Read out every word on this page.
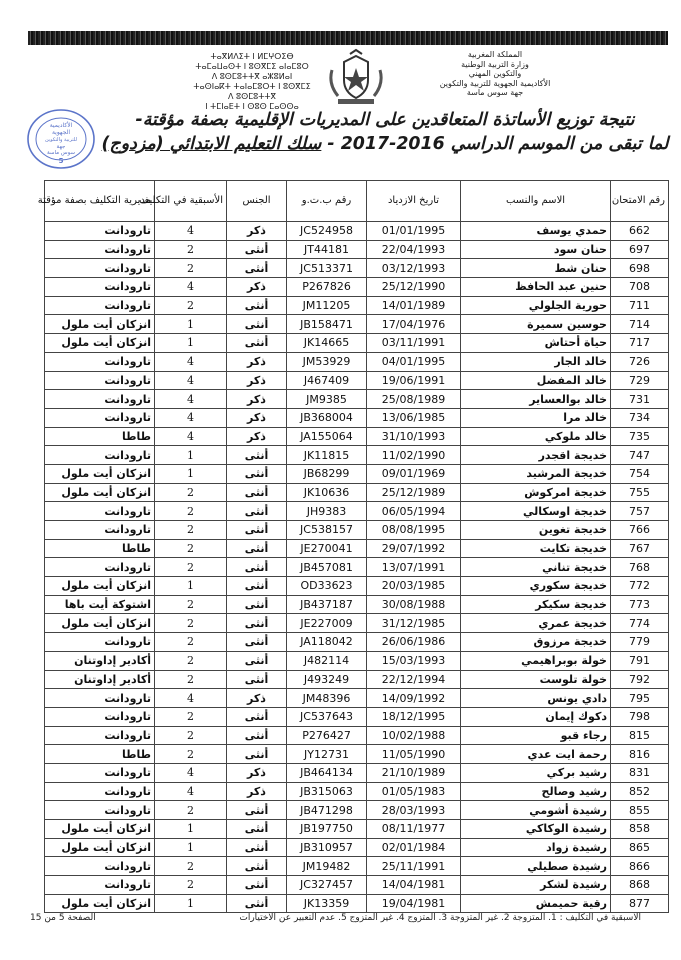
ⵜⴰⴳⵍⴷⵉⵜ ⵏ ⵍⵎⵖⵔⵉⴱ
ⵜⴰⵎⴰⵡⴰⵙⵜ ⵏ ⵓⵙⴳⵎⵉ ⴰⵏⴰⵎⵓⵔ
ⴷ ⵓⵙⵎⵓⵜⵜⴳ ⴰⵣⵓⵍⴰⵏ
ⵜⴰⵙⵏⴰⴽⵜ ⵜⴰⵏⴰⵎⵓⵔⵜ ⵏ ⵓⵙⴳⵎⵉ
ⴷ ⵓⵙⵎⵓⵜⵜⴳ
ⵏ ⵜⵎⵏⴰⴹⵜ ⵏ ⵙⵓⵙ ⵎⴰⵙⵙⴰ
المملكة المغربية
وزارة التربية الوطنية
والتكوين المهني
الأكاديمية الجهوية للتربية والتكوين
جهة سوس ماسة
الأكاديمية
الجهوية
للتربية والتكوين
جهة
سوس ماسة
5
نتيجة توزيع الأساتذة المتعاقدين على المديريات الإقليمية بصفة مؤقتة-
لما تبقى من الموسم الدراسي 2016-2017 - سلك التعليم الابتدائي (مزدوج)
رقم الامتحان	الاسم والنسب	تاريخ الازدياد	رقم ب.ت.و	الجنس	الأسبقية في التكليف	مديرية التكليف بصفة مؤقتة
662	حمدي يوسف	01/01/1995	JC524958	ذكر	4	تارودانت
697	حنان سود	22/04/1993	JT44181	أنثى	2	تارودانت
698	حنان شط	03/12/1993	JC513371	أنثى	2	تارودانت
708	حنين عبد الحافظ	25/12/1990	P267826	ذكر	4	تارودانت
711	حورية الجلولي	14/01/1989	JM11205	أنثى	2	تارودانت
714	حوسين سميرة	17/04/1976	JB158471	أنثى	1	انزكان أيت ملول
717	حياة أحتاش	03/11/1991	JK14665	أنثى	1	انزكان أيت ملول
726	خالد الجار	04/01/1995	JM53929	ذكر	4	تارودانت
729	خالد المفضل	19/06/1991	J467409	ذكر	4	تارودانت
731	خالد بوالعساير	25/08/1989	JM9385	ذكر	4	تارودانت
734	خالد مرا	13/06/1985	JB368004	ذكر	4	تارودانت
735	خالد ملوكي	31/10/1993	JA155064	ذكر	4	طاطا
747	خديجة اقجدر	11/02/1990	JK11815	أنثى	1	تارودانت
754	خديجة المرشيد	09/01/1969	JB68299	أنثى	1	انزكان أيت ملول
755	خديجة امركوش	25/12/1989	JK10636	أنثى	2	انزكان أيت ملول
757	خديجة اوسكالي	06/05/1994	JH9383	أنثى	2	تارودانت
766	خديجة تغوين	08/08/1995	JC538157	أنثى	2	تارودانت
767	خديجة تكايت	29/07/1992	JE270041	أنثى	2	طاطا
768	خديجة تناني	13/07/1991	JB457081	أنثى	2	تارودانت
772	خديجة سكوري	20/03/1985	OD33623	أنثى	1	انزكان أيت ملول
773	خديجة سكيكر	30/08/1988	JB437187	أنثى	2	اشتوكة أيت باها
774	خديجة عمري	31/12/1985	JE227009	أنثى	2	انزكان أيت ملول
779	خديجة مرزوق	26/06/1986	JA118042	أنثى	2	تارودانت
791	خولة بوبراهيمي	15/03/1993	J482114	أنثى	2	أكادير إداوتنان
792	خولة تلوست	22/12/1994	J493249	أنثى	2	أكادير إداوتنان
795	دادي يونس	14/09/1992	JM48396	ذكر	4	تارودانت
798	دكوك إيمان	18/12/1995	JC537643	أنثى	2	تارودانت
815	رجاء قبو	10/02/1988	P276427	أنثى	2	تارودانت
816	رحمة ايت عدي	11/05/1990	JY12731	أنثى	2	طاطا
831	رشيد بركي	21/10/1989	JB464134	ذكر	4	تارودانت
852	رشيد وصالح	01/05/1983	JB315063	ذكر	4	تارودانت
855	رشيدة أشومي	28/03/1993	JB471298	أنثى	2	تارودانت
858	رشيدة الوكاكي	08/11/1977	JB197750	أنثى	1	انزكان أيت ملول
865	رشيدة زواد	02/01/1984	JB310957	أنثى	1	انزكان أيت ملول
866	رشيدة صطيلي	25/11/1991	JM19482	أنثى	2	تارودانت
868	رشيدة لشكر	14/04/1981	JC327457	أنثى	2	تارودانت
877	رقية حميمش	19/04/1981	JK13359	أنثى	1	انزكان أيت ملول
الاسبقية في التكليف : 1. المتزوجة 2. غير المتزوجة 3. المتزوج 4. غير المتزوج 5. عدم التعبير عن الاختيارات
الصفحة 5 من 15
